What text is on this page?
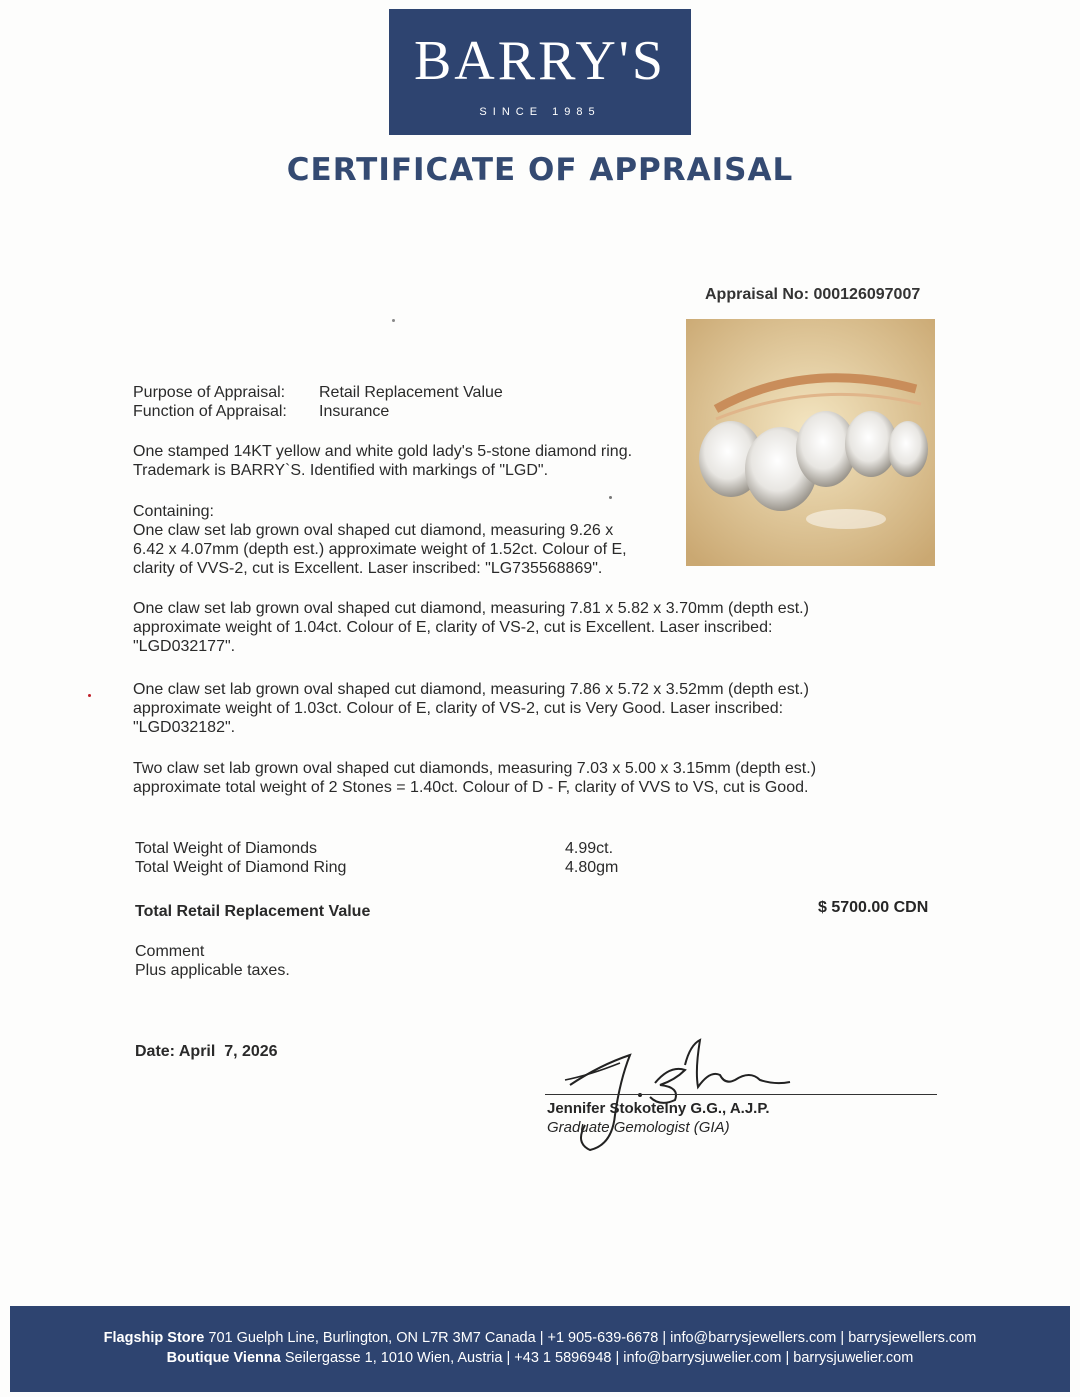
BARRY'S
SINCE 1985
CERTIFICATE OF APPRAISAL
Appraisal No: 000126097007
Purpose of Appraisal:	Retail Replacement Value
Function of Appraisal:	Insurance
One stamped 14KT yellow and white gold lady's 5-stone diamond ring.
Trademark is BARRY`S. Identified with markings of "LGD".
Containing:
One claw set lab grown oval shaped cut diamond, measuring 9.26 x
6.42 x 4.07mm (depth est.) approximate weight of 1.52ct. Colour of E,
clarity of VVS-2, cut is Excellent. Laser inscribed: "LG735568869".
One claw set lab grown oval shaped cut diamond, measuring 7.81 x 5.82 x 3.70mm (depth est.)
approximate weight of 1.04ct. Colour of E, clarity of VS-2, cut is Excellent. Laser inscribed:
"LGD032177".
One claw set lab grown oval shaped cut diamond, measuring 7.86 x 5.72 x 3.52mm (depth est.)
approximate weight of 1.03ct. Colour of E, clarity of VS-2, cut is Very Good. Laser inscribed:
"LGD032182".
Two claw set lab grown oval shaped cut diamonds, measuring 7.03 x 5.00 x 3.15mm (depth est.)
approximate total weight of 2 Stones = 1.40ct. Colour of D - F, clarity of VVS to VS, cut is Good.
Total Weight of Diamonds	4.99ct.
Total Weight of Diamond Ring	4.80gm
Total Retail Replacement Value	$ 5700.00 CDN
Comment
Plus applicable taxes.
Date: April  7, 2026
Jennifer Stokotelny G.G., A.J.P.
Graduate Gemologist (GIA)
Flagship Store 701 Guelph Line, Burlington, ON L7R 3M7 Canada | +1 905-639-6678 | info@barrysjewellers.com | barrysjewellers.com
Boutique Vienna Seilergasse 1, 1010 Wien, Austria | +43 1 5896948 | info@barrysjuwelier.com | barrysjuwelier.com
